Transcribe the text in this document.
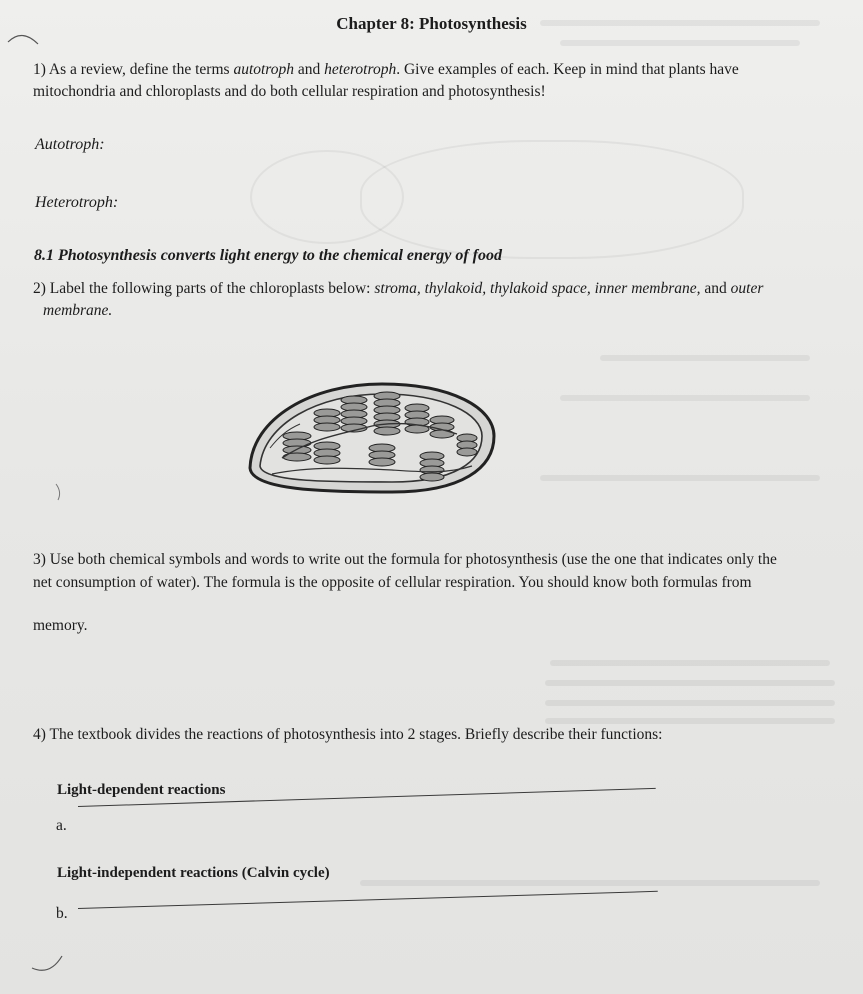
Chapter 8: Photosynthesis
1) As a review, define the terms autotroph and heterotroph. Give examples of each. Keep in mind that plants have
mitochondria and chloroplasts and do both cellular respiration and photosynthesis!
Autotroph:
Heterotroph:
8.1 Photosynthesis converts light energy to the chemical energy of food
2) Label the following parts of the chloroplasts below: stroma, thylakoid, thylakoid space, inner membrane, and outer
membrane.
3) Use both chemical symbols and words to write out the formula for photosynthesis (use the one that indicates only the
net consumption of water). The formula is the opposite of cellular respiration. You should know both formulas from
memory.
4) The textbook divides the reactions of photosynthesis into 2 stages. Briefly describe their functions:
Light-dependent reactions
a.
Light-independent reactions (Calvin cycle)
b.
